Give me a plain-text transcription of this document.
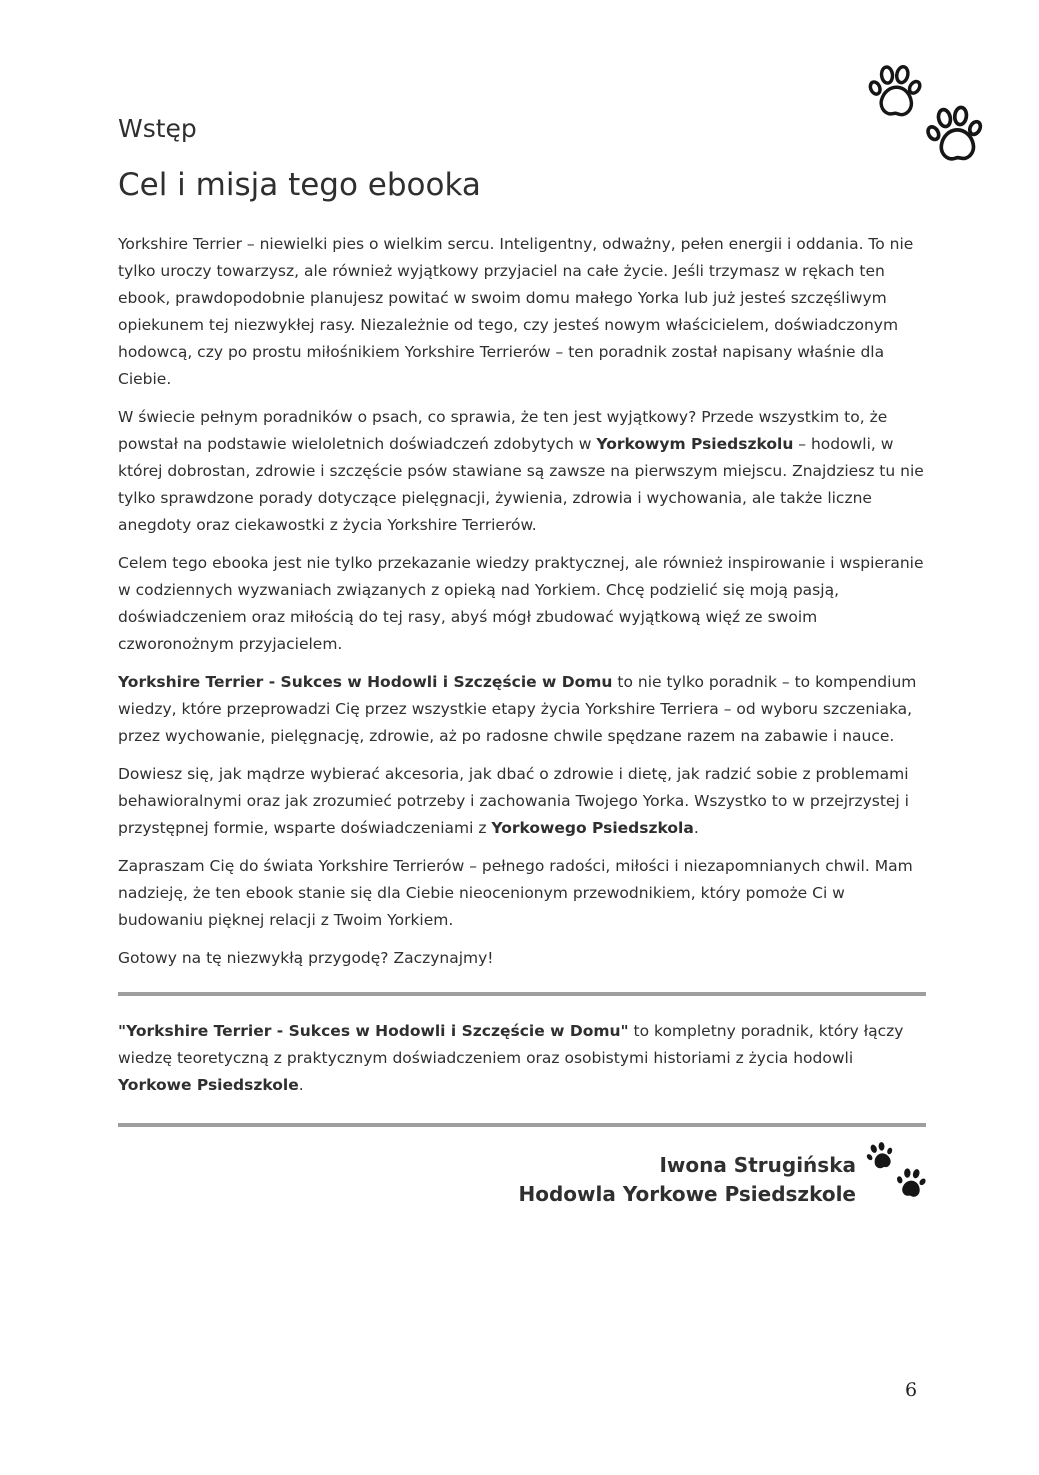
Wstęp
Cel i misja tego ebooka

Yorkshire Terrier – niewielki pies o wielkim sercu. Inteligentny, odważny, pełen energii i oddania. To nie tylko uroczy towarzysz, ale również wyjątkowy przyjaciel na całe życie. Jeśli trzymasz w rękach ten ebook, prawdopodobnie planujesz powitać w swoim domu małego Yorka lub już jesteś szczęśliwym opiekunem tej niezwykłej rasy. Niezależnie od tego, czy jesteś nowym właścicielem, doświadczonym hodowcą, czy po prostu miłośnikiem Yorkshire Terrierów – ten poradnik został napisany właśnie dla Ciebie.

W świecie pełnym poradników o psach, co sprawia, że ten jest wyjątkowy? Przede wszystkim to, że powstał na podstawie wieloletnich doświadczeń zdobytych w Yorkowym Psiedszkolu – hodowli, w której dobrostan, zdrowie i szczęście psów stawiane są zawsze na pierwszym miejscu. Znajdziesz tu nie tylko sprawdzone porady dotyczące pielęgnacji, żywienia, zdrowia i wychowania, ale także liczne anegdoty oraz ciekawostki z życia Yorkshire Terrierów.

Celem tego ebooka jest nie tylko przekazanie wiedzy praktycznej, ale również inspirowanie i wspieranie w codziennych wyzwaniach związanych z opieką nad Yorkiem. Chcę podzielić się moją pasją, doświadczeniem oraz miłością do tej rasy, abyś mógł zbudować wyjątkową więź ze swoim czworonożnym przyjacielem.

Yorkshire Terrier - Sukces w Hodowli i Szczęście w Domu to nie tylko poradnik – to kompendium wiedzy, które przeprowadzi Cię przez wszystkie etapy życia Yorkshire Terriera – od wyboru szczeniaka, przez wychowanie, pielęgnację, zdrowie, aż po radosne chwile spędzane razem na zabawie i nauce.

Dowiesz się, jak mądrze wybierać akcesoria, jak dbać o zdrowie i dietę, jak radzić sobie z problemami behawioralnymi oraz jak zrozumieć potrzeby i zachowania Twojego Yorka. Wszystko to w przejrzystej i przystępnej formie, wsparte doświadczeniami z Yorkowego Psiedszkola.

Zapraszam Cię do świata Yorkshire Terrierów – pełnego radości, miłości i niezapomnianych chwil. Mam nadzieję, że ten ebook stanie się dla Ciebie nieocenionym przewodnikiem, który pomoże Ci w budowaniu pięknej relacji z Twoim Yorkiem.

Gotowy na tę niezwykłą przygodę? Zaczynajmy!

"Yorkshire Terrier - Sukces w Hodowli i Szczęście w Domu" to kompletny poradnik, który łączy wiedzę teoretyczną z praktycznym doświadczeniem oraz osobistymi historiami z życia hodowli Yorkowe Psiedszkole.

Iwona Strugińska
Hodowla Yorkowe Psiedszkole
6
